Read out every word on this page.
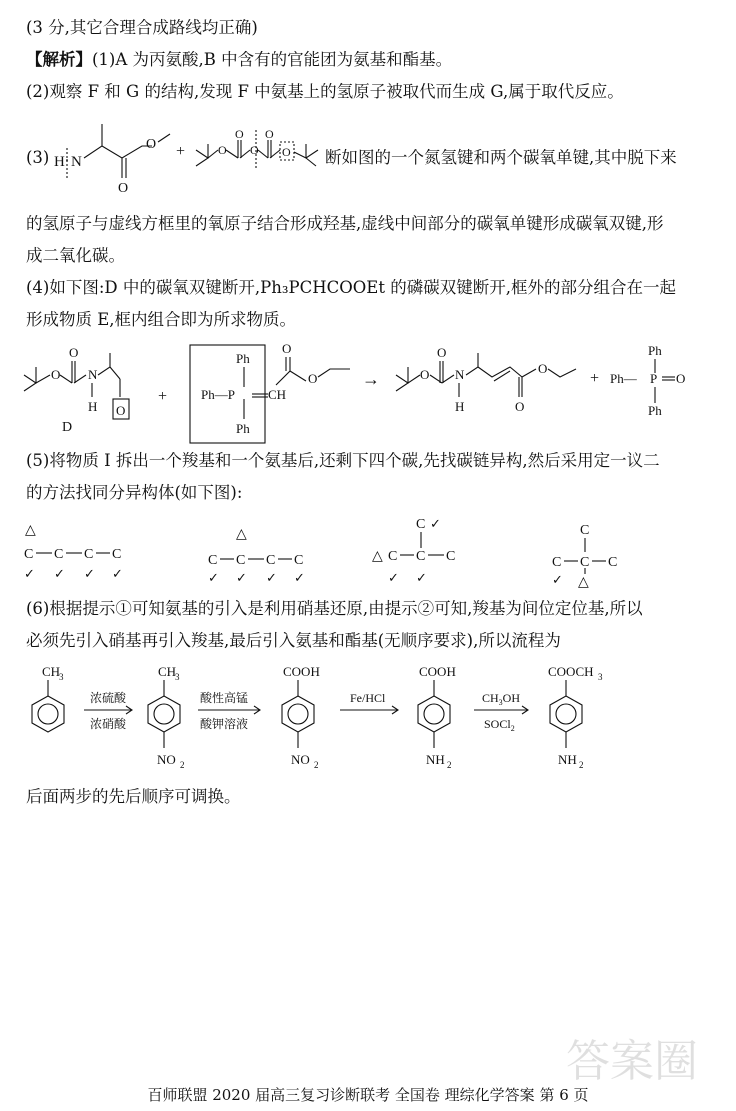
(3 分,其它合理合成路线均正确)
【解析】(1)A 为丙氨酸,B 中含有的官能团为氨基和酯基。
(2)观察 F 和 G 的结构,发现 F 中氨基上的氢原子被取代而生成 G,属于取代反应。
(3)	断如图的一个氮氢键和两个碳氧单键,其中脱下来
的氢原子与虚线方框里的氧原子结合形成羟基,虚线中间部分的碳氧单键形成碳氧双键,形
成二氧化碳。
(4)如下图:D 中的碳氧双键断开,Ph₃PCHCOOEt 的磷碳双键断开,框外的部分组合在一起
形成物质 E,框内组合即为所求物质。
(5)将物质 I 拆出一个羧基和一个氨基后,还剩下四个碳,先找碳链异构,然后采用定一议二
的方法找同分异构体(如下图):
(6)根据提示①可知氨基的引入是利用硝基还原,由提示②可知,羧基为间位定位基,所以
必须先引入硝基再引入羧基,最后引入氨基和酯基(无顺序要求),所以流程为
后面两步的先后顺序可调换。
H N
O
O +	O
O
O
O
O
O
O
N
H O
D
+
Ph
Ph—P
Ph
CH
O
O →	O
O
N
H	O
O
+
Ph
Ph— P O
Ph
△
C C C C
✓ ✓ ✓ ✓
△
C C C C
✓ ✓ ✓ ✓
C ✓
△ C C C
✓ ✓
C
C C C
△
✓
CH
3
浓硫酸
浓硝酸
CH
3
NO 2
酸性高锰
酸钾溶液
COOH
NO 2
Fe/HCl
COOH
NH 2
$CH_3OH$
SOCl$_2$
COOCH 3
NH 2
答案圈
百师联盟 2020 届高三复习诊断联考 全国卷 理综化学答案 第 6 页
